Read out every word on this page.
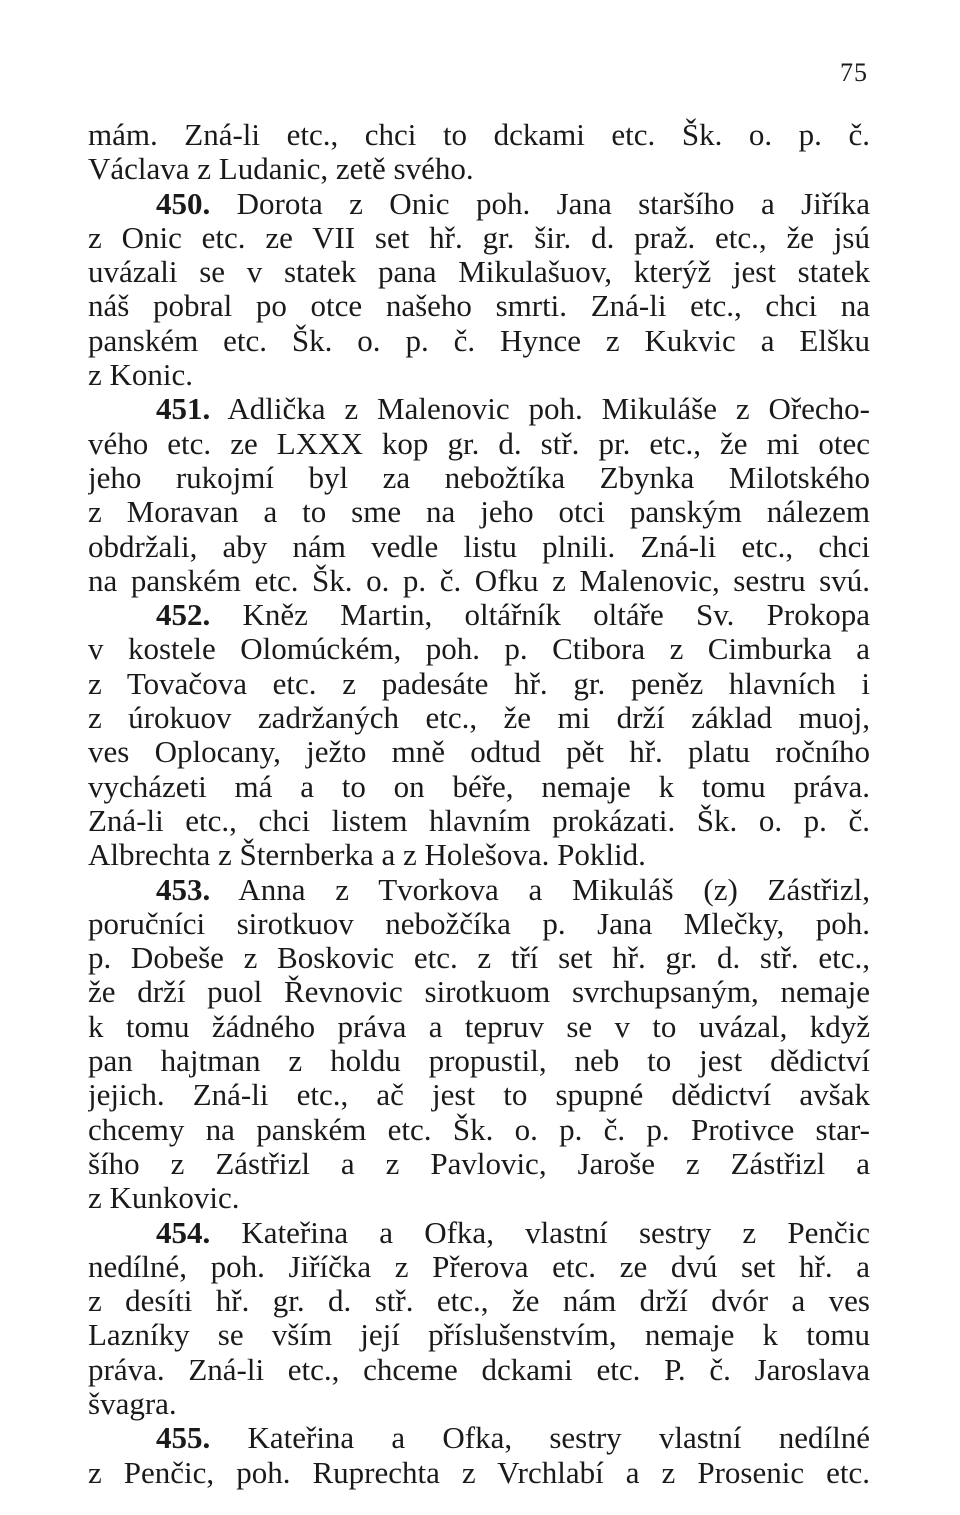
75
mám. Zná-li etc., chci to dckami etc. Šk. o. p. č.
Václava z Ludanic, zetě svého.
450. Dorota z Onic poh. Jana staršího a Jiříka
z Onic etc. ze VII set hř. gr. šir. d. praž. etc., že jsú
uvázali se v statek pana Mikulašuov, kterýž jest statek
náš pobral po otce našeho smrti. Zná-li etc., chci na
panském etc. Šk. o. p. č. Hynce z Kukvic a Elšku
z Konic.
451. Adlička z Malenovic poh. Mikuláše z Ořecho-
vého etc. ze LXXX kop gr. d. stř. pr. etc., že mi otec
jeho rukojmí byl za nebožtíka Zbynka Milotského
z Moravan a to sme na jeho otci panským nálezem
obdržali, aby nám vedle listu plnili. Zná-li etc., chci
na panském etc. Šk. o. p. č. Ofku z Malenovic, sestru svú.
452. Kněz Martin, oltářník oltáře Sv. Prokopa
v kostele Olomúckém, poh. p. Ctibora z Cimburka a
z Tovačova etc. z padesáte hř. gr. peněz hlavních i
z úrokuov zadržaných etc., že mi drží základ muoj,
ves Oplocany, ježto mně odtud pět hř. platu ročního
vycházeti má a to on béře, nemaje k tomu práva.
Zná-li etc., chci listem hlavním prokázati. Šk. o. p. č.
Albrechta z Šternberka a z Holešova. Poklid.
453. Anna z Tvorkova a Mikuláš (z) Zástřizl,
poručníci sirotkuov nebožčíka p. Jana Mlečky, poh.
p. Dobeše z Boskovic etc. z tří set hř. gr. d. stř. etc.,
že drží puol Řevnovic sirotkuom svrchupsaným, nemaje
k tomu žádného práva a tepruv se v to uvázal, když
pan hajtman z holdu propustil, neb to jest dědictví
jejich. Zná-li etc., ač jest to spupné dědictví avšak
chcemy na panském etc. Šk. o. p. č. p. Protivce star-
šího z Zástřizl a z Pavlovic, Jaroše z Zástřizl a
z Kunkovic.
454. Kateřina a Ofka, vlastní sestry z Penčic
nedílné, poh. Jiříčka z Přerova etc. ze dvú set hř. a
z desíti hř. gr. d. stř. etc., že nám drží dvór a ves
Lazníky se vším její příslušenstvím, nemaje k tomu
práva. Zná-li etc., chceme dckami etc. P. č. Jaroslava
švagra.
455. Kateřina a Ofka, sestry vlastní nedílné
z Penčic, poh. Ruprechta z Vrchlabí a z Prosenic etc.
